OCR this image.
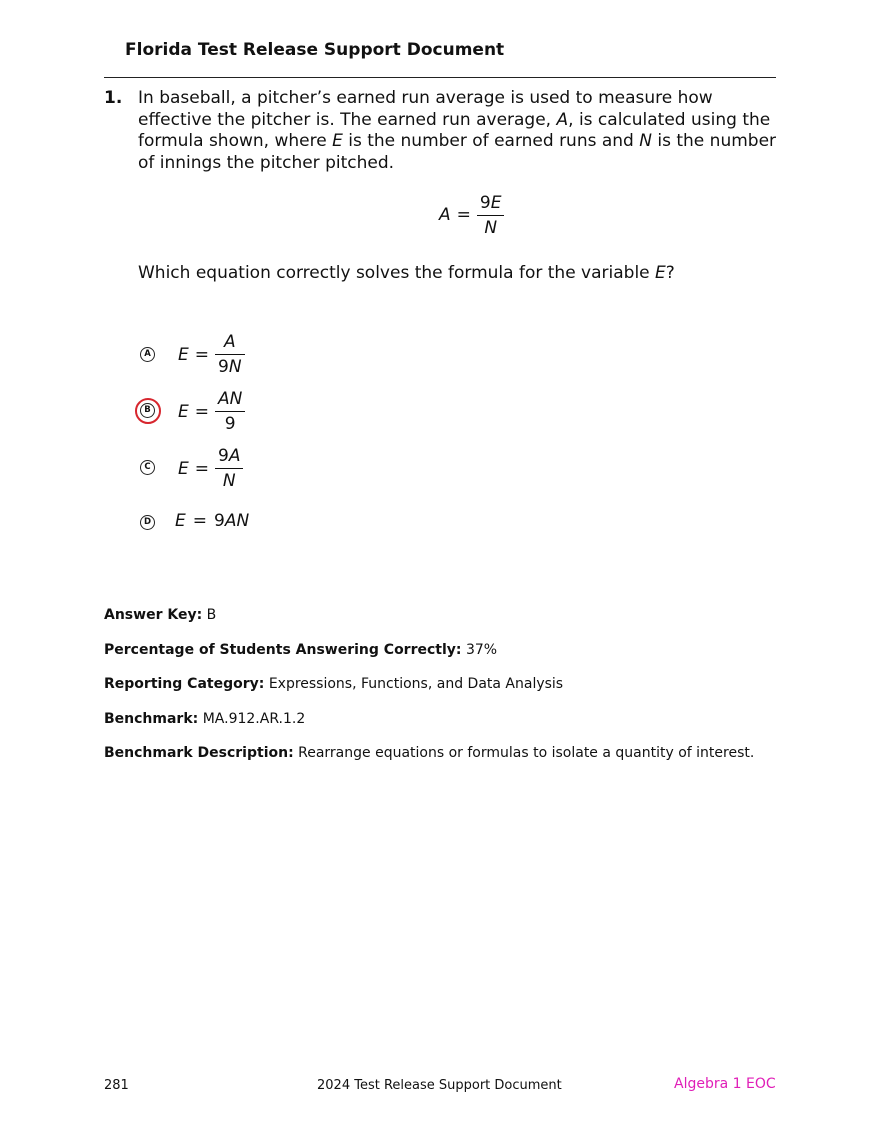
Florida Test Release Support Document
1. In baseball, a pitcher’s earned run average is used to measure how effective the pitcher is. The earned run average, A, is calculated using the formula shown, where E is the number of earned runs and N is the number of innings the pitcher pitched.
$A = \frac{9E}{N}$
Which equation correctly solves the formula for the variable E?
A $E = \frac{A}{9N}$
B $E = \frac{AN}{9}$
C $E = \frac{9A}{N}$
D E = 9 AN
Answer Key: B
Percentage of Students Answering Correctly: 37%
Reporting Category: Expressions, Functions, and Data Analysis
Benchmark: MA.912.AR.1.2
Benchmark Description: Rearrange equations or formulas to isolate a quantity of interest.
281	2024 Test Release Support Document	Algebra 1 EOC
